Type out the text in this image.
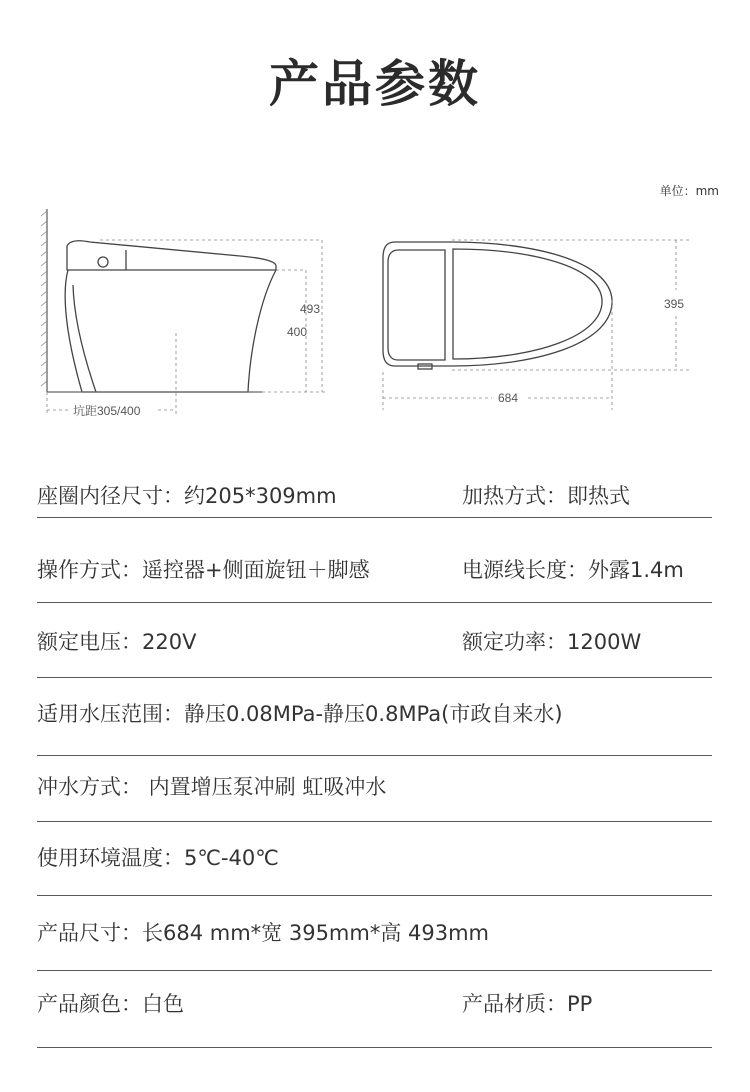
产品参数
单位：mm
493
400
坑距305/400
395
684
座圈内径尺寸：约205*309mm	加热方式：即热式
操作方式：遥控器+侧面旋钮＋脚感	电源线长度：外露1.4m
额定电压：220V	额定功率：1200W
适用水压范围：静压0.08MPa-静压0.8MPa(市政自来水)
冲水方式： 内置增压泵冲刷 虹吸冲水
使用环境温度：5℃-40℃
产品尺寸：长684 mm*宽 395mm*高 493mm
产品颜色：白色	产品材质：PP
